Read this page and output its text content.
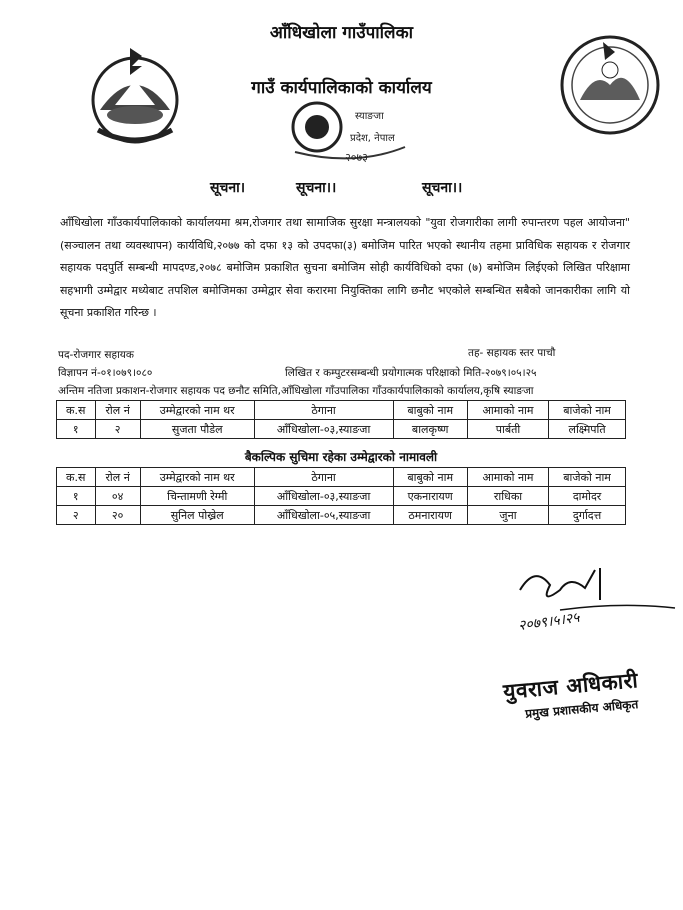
आँधिखोला गाउँपालिका
गाउँ कार्यपालिकाको कार्यालय
स्याङजा
प्रदेश, नेपाल
२०७३
सूचना।	सूचना।।	सूचना।।
आँधिखोला गाँउकार्यपालिकाको कार्यालयमा श्रम,रोजगार तथा सामाजिक सुरक्षा मन्त्रालयको "युवा रोजगारीका लागी रुपान्तरण पहल आयोजना"(सञ्चालन तथा व्यवस्थापन) कार्यविधि,२०७७ को दफा १३ को उपदफा(३) बमोजिम पारित भएको स्थानीय तहमा प्राविधिक सहायक र रोजगार सहायक पदपुर्ति सम्बन्धी मापदण्ड,२०७८ बमोजिम प्रकाशित सुचना बमोजिम सोही कार्यविधिको दफा (७) बमोजिम लिईएको लिखित परिक्षामा सहभागी उम्मेद्वार मध्येबाट तपशिल बमोजिमका उम्मेद्वार सेवा करारमा नियुक्तिका लागि छनौट भएकोले सम्बन्धित सबैको जानकारीका लागि यो सूचना प्रकाशित गरिन्छ ।
पद-रोजगार सहायक	तह- सहायक स्तर पाचौ
विज्ञापन नं-०१।०७९।०८०	लिखित र कम्पुटरसम्बन्धी प्रयोगात्मक परिक्षाको मिति-२०७९।०५।२५
अन्तिम नतिजा प्रकाशन-रोजगार सहायक पद छनौट समिति,आँधिखोला गाँउपालिका गाँउकार्यपालिकाको कार्यालय,कृषि स्याङजा
क.स	रोल नं	उम्मेद्वारको नाम थर	ठेगाना	बाबुको नाम	आमाको नाम	बाजेको नाम
१	२	सुजता पौडेल	आँधिखोला-०३,स्याङजा	बालकृष्ण	पार्बती	लक्ष्मिपति
बैकल्पिक सुचिमा रहेका उम्मेद्वारको नामावली
क.स	रोल नं	उम्मेद्वारको नाम थर	ठेगाना	बाबुको नाम	आमाको नाम	बाजेको नाम
१	०४	चिन्तामणी रेग्मी	आँधिखोला-०३,स्याङजा	एकनारायण	राधिका	दामोदर
२	२०	सुनिल पोख्रेल	आँधिखोला-०५,स्याङजा	ठमनारायण	जुना	दुर्गादत्त
२०७९।५।२५
युवराज अधिकारी
प्रमुख प्रशासकीय अधिकृत
